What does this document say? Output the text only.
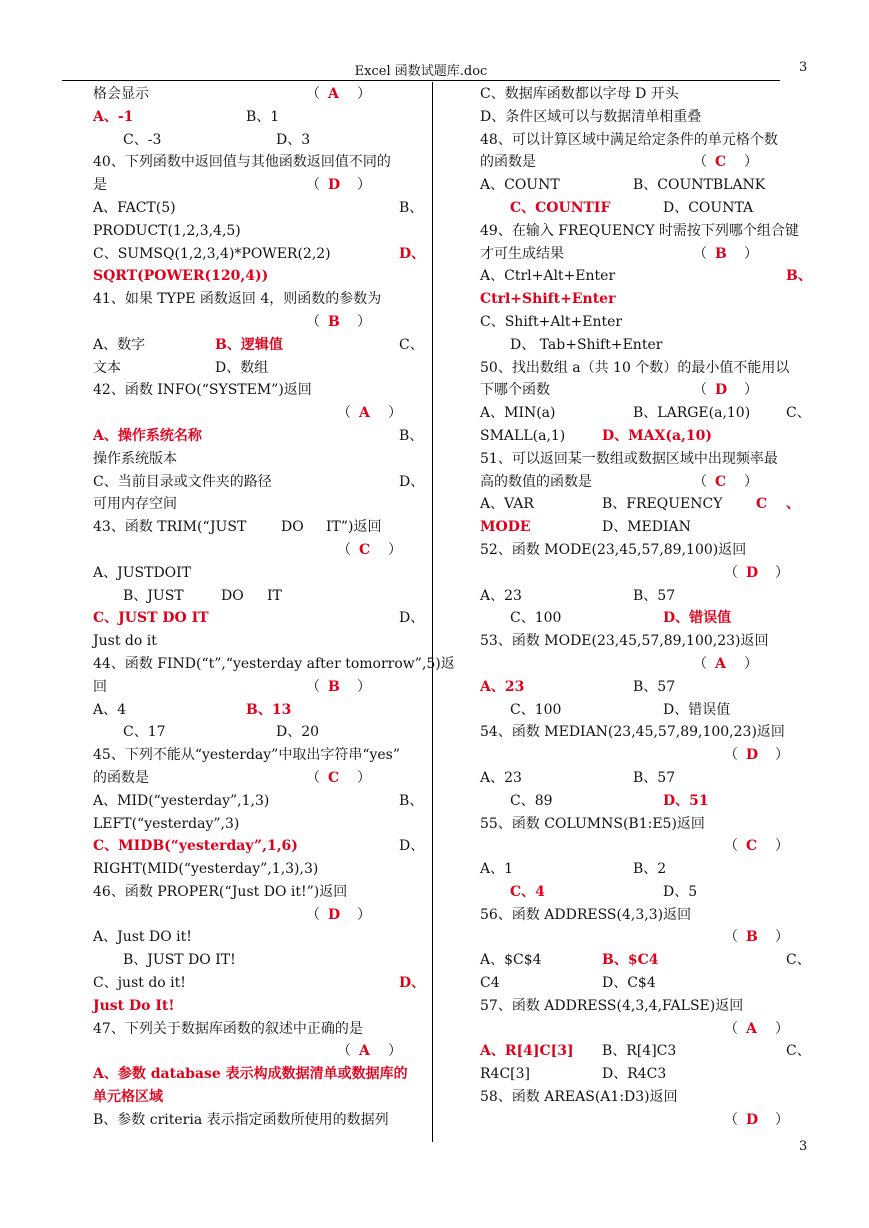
Excel 函数试题库.doc	3
3
格会显示	（ A ）
A、-1	B、1
C、-3	D、3
40、下列函数中返回值与其他函数返回值不同的
是	（ D ）
A、FACT(5)	B、
PRODUCT(1,2,3,4,5)
C、SUMSQ(1,2,3,4)*POWER(2,2)	D、
SQRT(POWER(120,4))
41、如果 TYPE 函数返回 4，则函数的参数为
（ B ）
A、数字	B、逻辑值	C、
文本	D、数组
42、函数 INFO(“SYSTEM”)返回
（ A ）
A、操作系统名称	B、
操作系统版本
C、当前目录或文件夹的路径	D、
可用内存空间
43、函数 TRIM(“JUST DO IT”)返回
（ C ）
A、JUSTDOIT
B、JUST	DO IT
C、JUST DO IT	D、
Just do it
44、函数 FIND(“t”,“yesterday after tomorrow”,5)返
回	（ B ）
A、4	B、13
C、17	D、20
45、下列不能从“yesterday”中取出字符串“yes”
的函数是	（ C ）
A、MID(“yesterday”,1,3)	B、
LEFT(“yesterday”,3)
C、MIDB(“yesterday”,1,6)	D、
RIGHT(MID(“yesterday”,1,3),3)
46、函数 PROPER(“Just DO it!”)返回
（ D ）
A、Just DO it!
B、JUST DO IT!
C、just do it!	D、
Just Do It!
47、下列关于数据库函数的叙述中正确的是
（ A ）
A、参数 database 表示构成数据清单或数据库的
单元格区域
B、参数 criteria 表示指定函数所使用的数据列
C、数据库函数都以字母 D 开头
D、条件区域可以与数据清单相重叠
48、可以计算区域中满足给定条件的单元格个数
的函数是	（ C ）
A、COUNT	B、COUNTBLANK
C、COUNTIF	D、COUNTA
49、在输入 FREQUENCY 时需按下列哪个组合键
才可生成结果	（ B ）
A、Ctrl+Alt+Enter	B、
Ctrl+Shift+Enter
C、Shift+Alt+Enter
D、 Tab+Shift+Enter
50、找出数组 a（共 10 个数）的最小值不能用以
下哪个函数	（ D ）
A、MIN(a)	B、LARGE(a,10)	C、
SMALL(a,1)	D、MAX(a,10)
51、可以返回某一数组或数据区域中出现频率最
高的数值的函数是	（ C ）
A、VAR	B、FREQUENCY C 、
MODE	D、MEDIAN
52、函数 MODE(23,45,57,89,100)返回
（ D ）
A、23	B、57
C、100	D、错误值
53、函数 MODE(23,45,57,89,100,23)返回
（ A ）
A、23	B、57
C、100	D、错误值
54、函数 MEDIAN(23,45,57,89,100,23)返回
（ D ）
A、23	B、57
C、89	D、51
55、函数 COLUMNS(B1:E5)返回
（ C ）
A、1	B、2
C、4	D、5
56、函数 ADDRESS(4,3,3)返回
（ B ）
A、$C$4	B、$C4	C、
C4	D、C$4
57、函数 ADDRESS(4,3,4,FALSE)返回
（ A ）
A、R[4]C[3] B、R[4]C3	C、
R4C[3]	D、R4C3
58、函数 AREAS(A1:D3)返回
（ D ）
